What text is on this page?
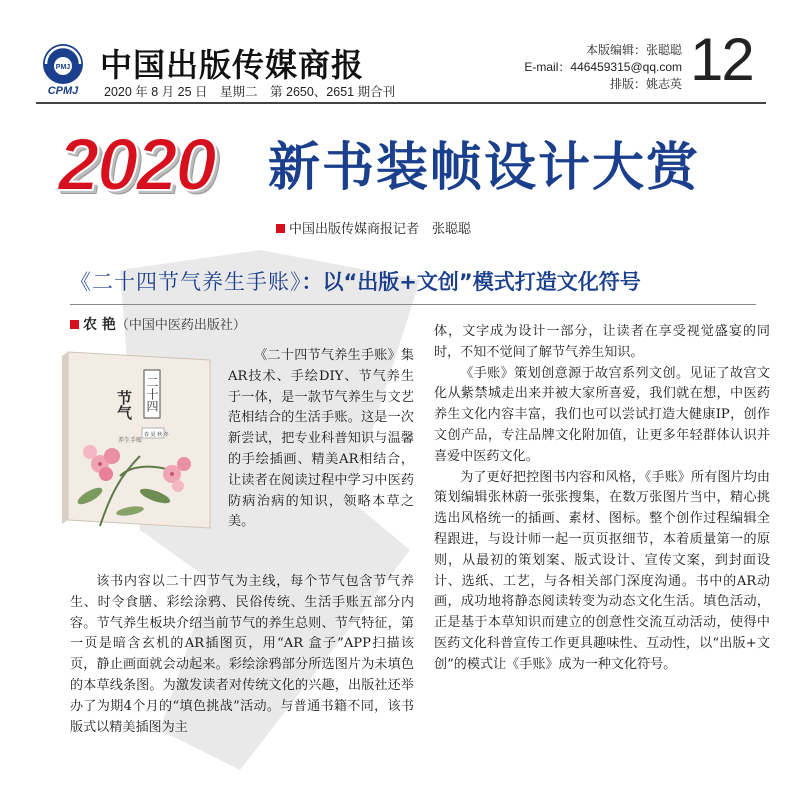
PMJ
CPMJ
中国出版传媒商报
2020 年 8 月 25 日　星期二　第 2650、2651 期合刊
本版编辑：张聪聪
E-mail：446459315@qq.com
排版：姚志英 12
2020 新书装帧设计大赏
中国出版传媒商报记者　张聪聪
《二十四节气养生手账》：以“出版+文创”模式打造文化符号
农 艳（中国中医药出版社）
节气 二十四
养生手账
春 夏 秋 冬

《二十四节气养生手账》集AR技术、手绘DIY、节气养生于一体，是一款节气养生与文艺范相结合的生活手账。这是一次新尝试，把专业科普知识与温馨的手绘插画、精美AR相结合，让读者在阅读过程中学习中医药防病治病的知识，领略本草之美。

该书内容以二十四节气为主线，每个节气包含节气养生、时令食膳、彩绘涂鸦、民俗传统、生活手账五部分内容。节气养生板块介绍当前节气的养生总则、节气特征，第一页是暗含玄机的AR插图页，用“AR 盒子”APP扫描该页，静止画面就会动起来。彩绘涂鸦部分所选图片为未填色的本草线条图。为激发读者对传统文化的兴趣，出版社还举办了为期4个月的“填色挑战”活动。与普通书籍不同，该书版式以精美插图为主

体，文字成为设计一部分，让读者在享受视觉盛宴的同时，不知不觉间了解节气养生知识。

《手账》策划创意源于故宫系列文创。见证了故宫文化从紫禁城走出来并被大家所喜爱，我们就在想，中医药养生文化内容丰富，我们也可以尝试打造大健康IP，创作文创产品，专注品牌文化附加值，让更多年轻群体认识并喜爱中医药文化。

为了更好把控图书内容和风格，《手账》所有图片均由策划编辑张林蔚一张张搜集，在数万张图片当中，精心挑选出风格统一的插画、素材、图标。整个创作过程编辑全程跟进，与设计师一起一页页抠细节，本着质量第一的原则，从最初的策划案、版式设计、宣传文案，到封面设计、选纸、工艺，与各相关部门深度沟通。书中的AR动画，成功地将静态阅读转变为动态文化生活。填色活动，正是基于本草知识而建立的创意性交流互动活动，使得中医药文化科普宣传工作更具趣味性、互动性，以“出版+文创”的模式让《手账》成为一种文化符号。
